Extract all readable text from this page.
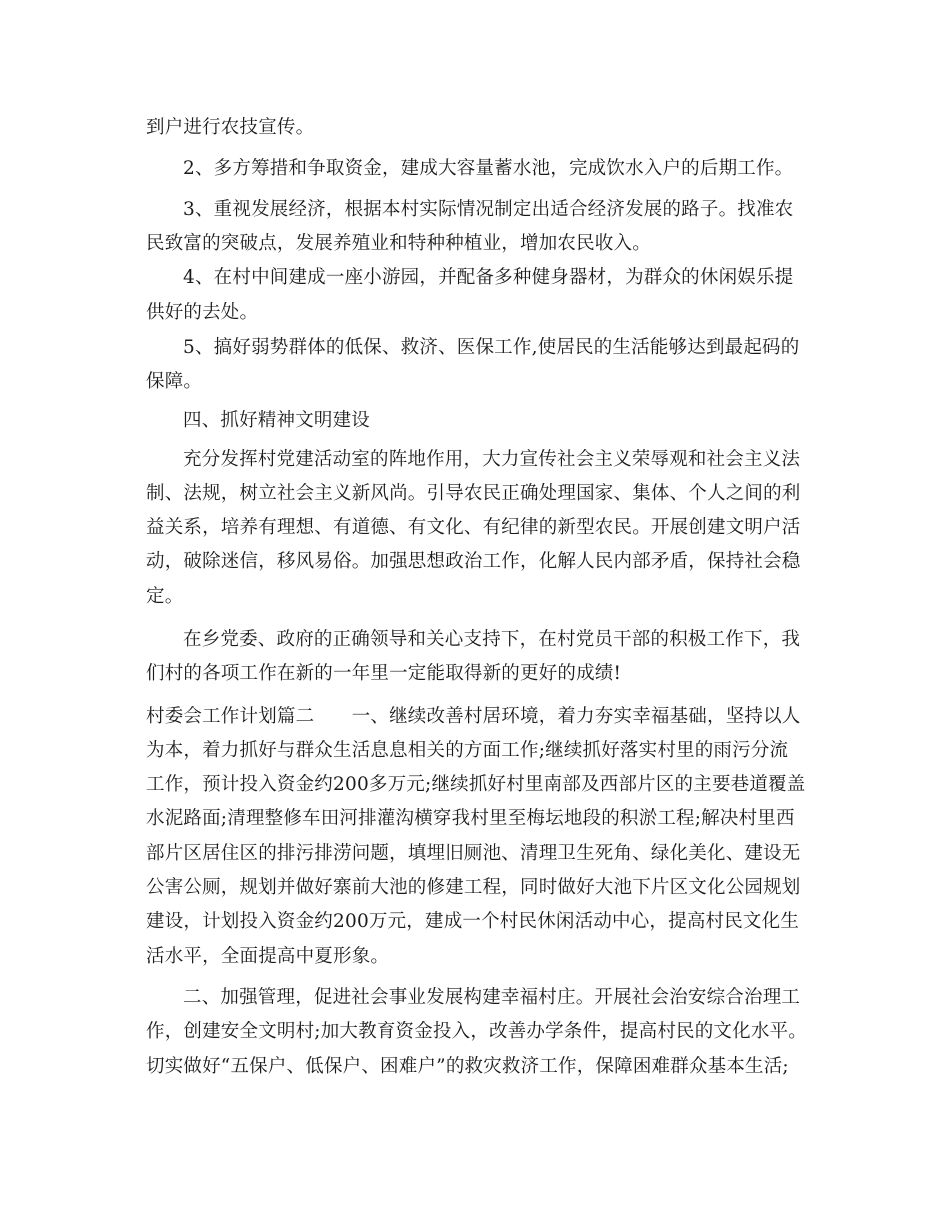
到户进行农技宣传。
2、多方筹措和争取资金，建成大容量蓄水池，完成饮水入户的后期工作。
3、重视发展经济，根据本村实际情况制定出适合经济发展的路子。找准农
民致富的突破点，发展养殖业和特种种植业，增加农民收入。
4、在村中间建成一座小游园，并配备多种健身器材，为群众的休闲娱乐提
供好的去处。
5、搞好弱势群体的低保、救济、医保工作,使居民的生活能够达到最起码的
保障。
四、抓好精神文明建设
充分发挥村党建活动室的阵地作用，大力宣传社会主义荣辱观和社会主义法
制、法规，树立社会主义新风尚。引导农民正确处理国家、集体、个人之间的利
益关系，培养有理想、有道德、有文化、有纪律的新型农民。开展创建文明户活
动，破除迷信，移风易俗。加强思想政治工作，化解人民内部矛盾，保持社会稳
定。
在乡党委、政府的正确领导和关心支持下，在村党员干部的积极工作下，我
们村的各项工作在新的一年里一定能取得新的更好的成绩!
村委会工作计划篇二　　一、继续改善村居环境，着力夯实幸福基础，坚持以人
为本，着力抓好与群众生活息息相关的方面工作;继续抓好落实村里的雨污分流
工作，预计投入资金约200多万元;继续抓好村里南部及西部片区的主要巷道覆盖
水泥路面;清理整修车田河排灌沟横穿我村里至梅坛地段的积淤工程;解决村里西
部片区居住区的排污排涝问题，填埋旧厕池、清理卫生死角、绿化美化、建设无
公害公厕，规划并做好寨前大池的修建工程，同时做好大池下片区文化公园规划
建设，计划投入资金约200万元，建成一个村民休闲活动中心，提高村民文化生
活水平，全面提高中夏形象。
二、加强管理，促进社会事业发展构建幸福村庄。开展社会治安综合治理工
作，创建安全文明村;加大教育资金投入，改善办学条件，提高村民的文化水平。
切实做好“五保户、低保户、困难户”的救灾救济工作，保障困难群众基本生活;
